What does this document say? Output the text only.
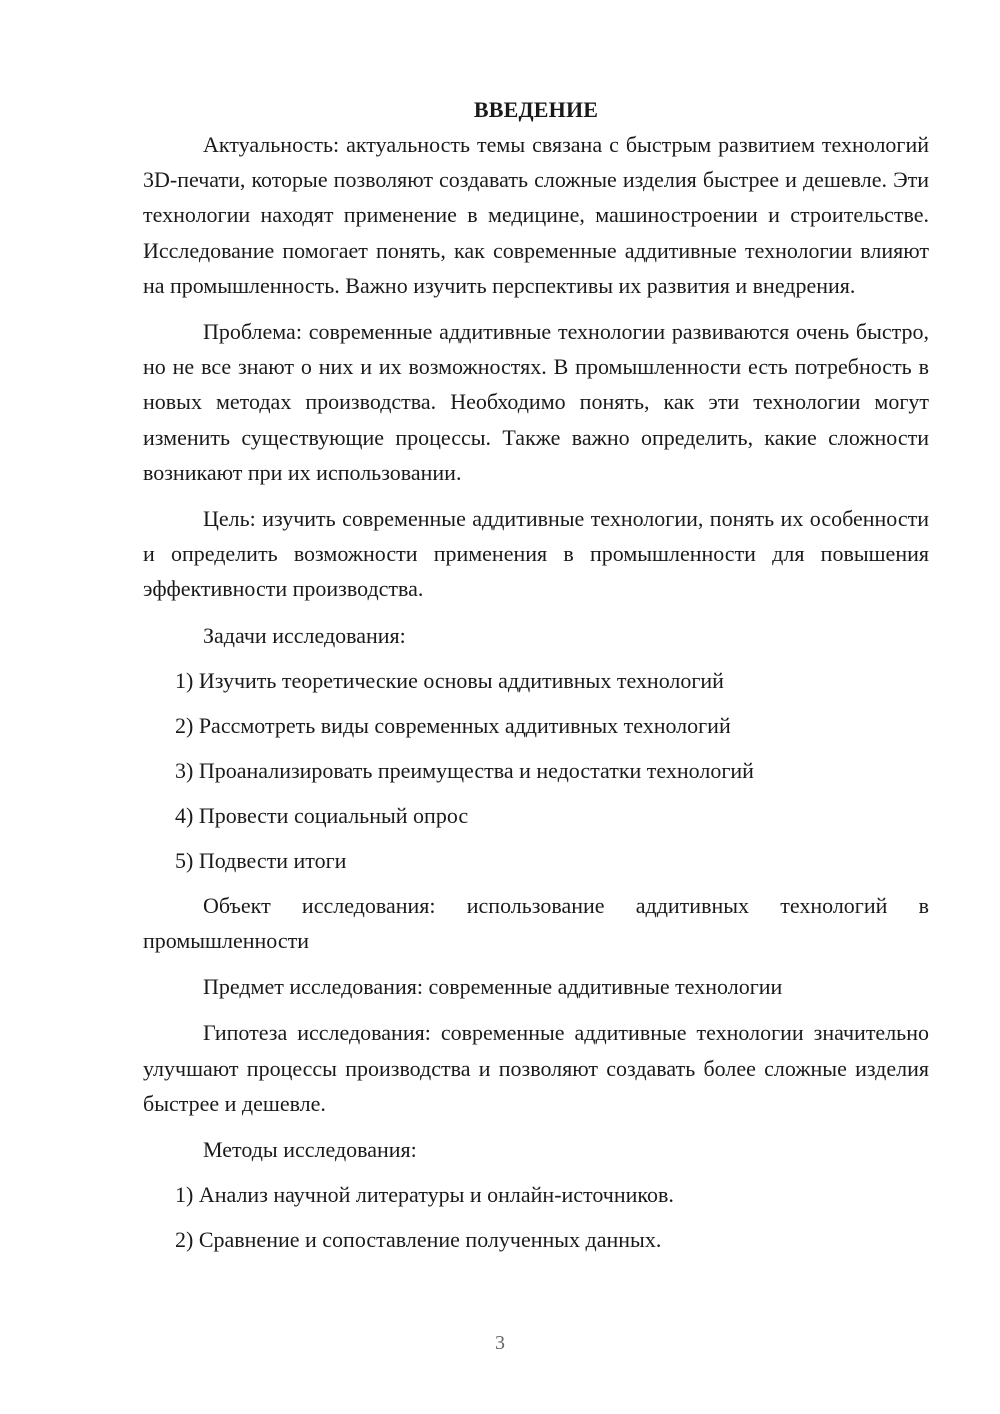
ВВЕДЕНИЕ

Актуальность: актуальность темы связана с быстрым развитием технологий 3D-печати, которые позволяют создавать сложные изделия быстрее и дешевле. Эти технологии находят применение в медицине, машиностроении и строительстве. Исследование помогает понять, как современные аддитивные технологии влияют на промышленность. Важно изучить перспективы их развития и внедрения.

Проблема: современные аддитивные технологии развиваются очень быстро, но не все знают о них и их возможностях. В промышленности есть потребность в новых методах производства. Необходимо понять, как эти технологии могут изменить существующие процессы. Также важно определить, какие сложности возникают при их использовании.

Цель: изучить современные аддитивные технологии, понять их особенности и определить возможности применения в промышленности для повышения эффективности производства.

Задачи исследования:

1) Изучить теоретические основы аддитивных технологий

2) Рассмотреть виды современных аддитивных технологий

3) Проанализировать преимущества и недостатки технологий

4) Провести социальный опрос

5) Подвести итоги

Объект исследования: использование аддитивных технологий в промышленности

Предмет исследования: современные аддитивные технологии

Гипотеза исследования: современные аддитивные технологии значительно улучшают процессы производства и позволяют создавать более сложные изделия быстрее и дешевле.

Методы исследования:

1) Анализ научной литературы и онлайн-источников.

2) Сравнение и сопоставление полученных данных.

3
